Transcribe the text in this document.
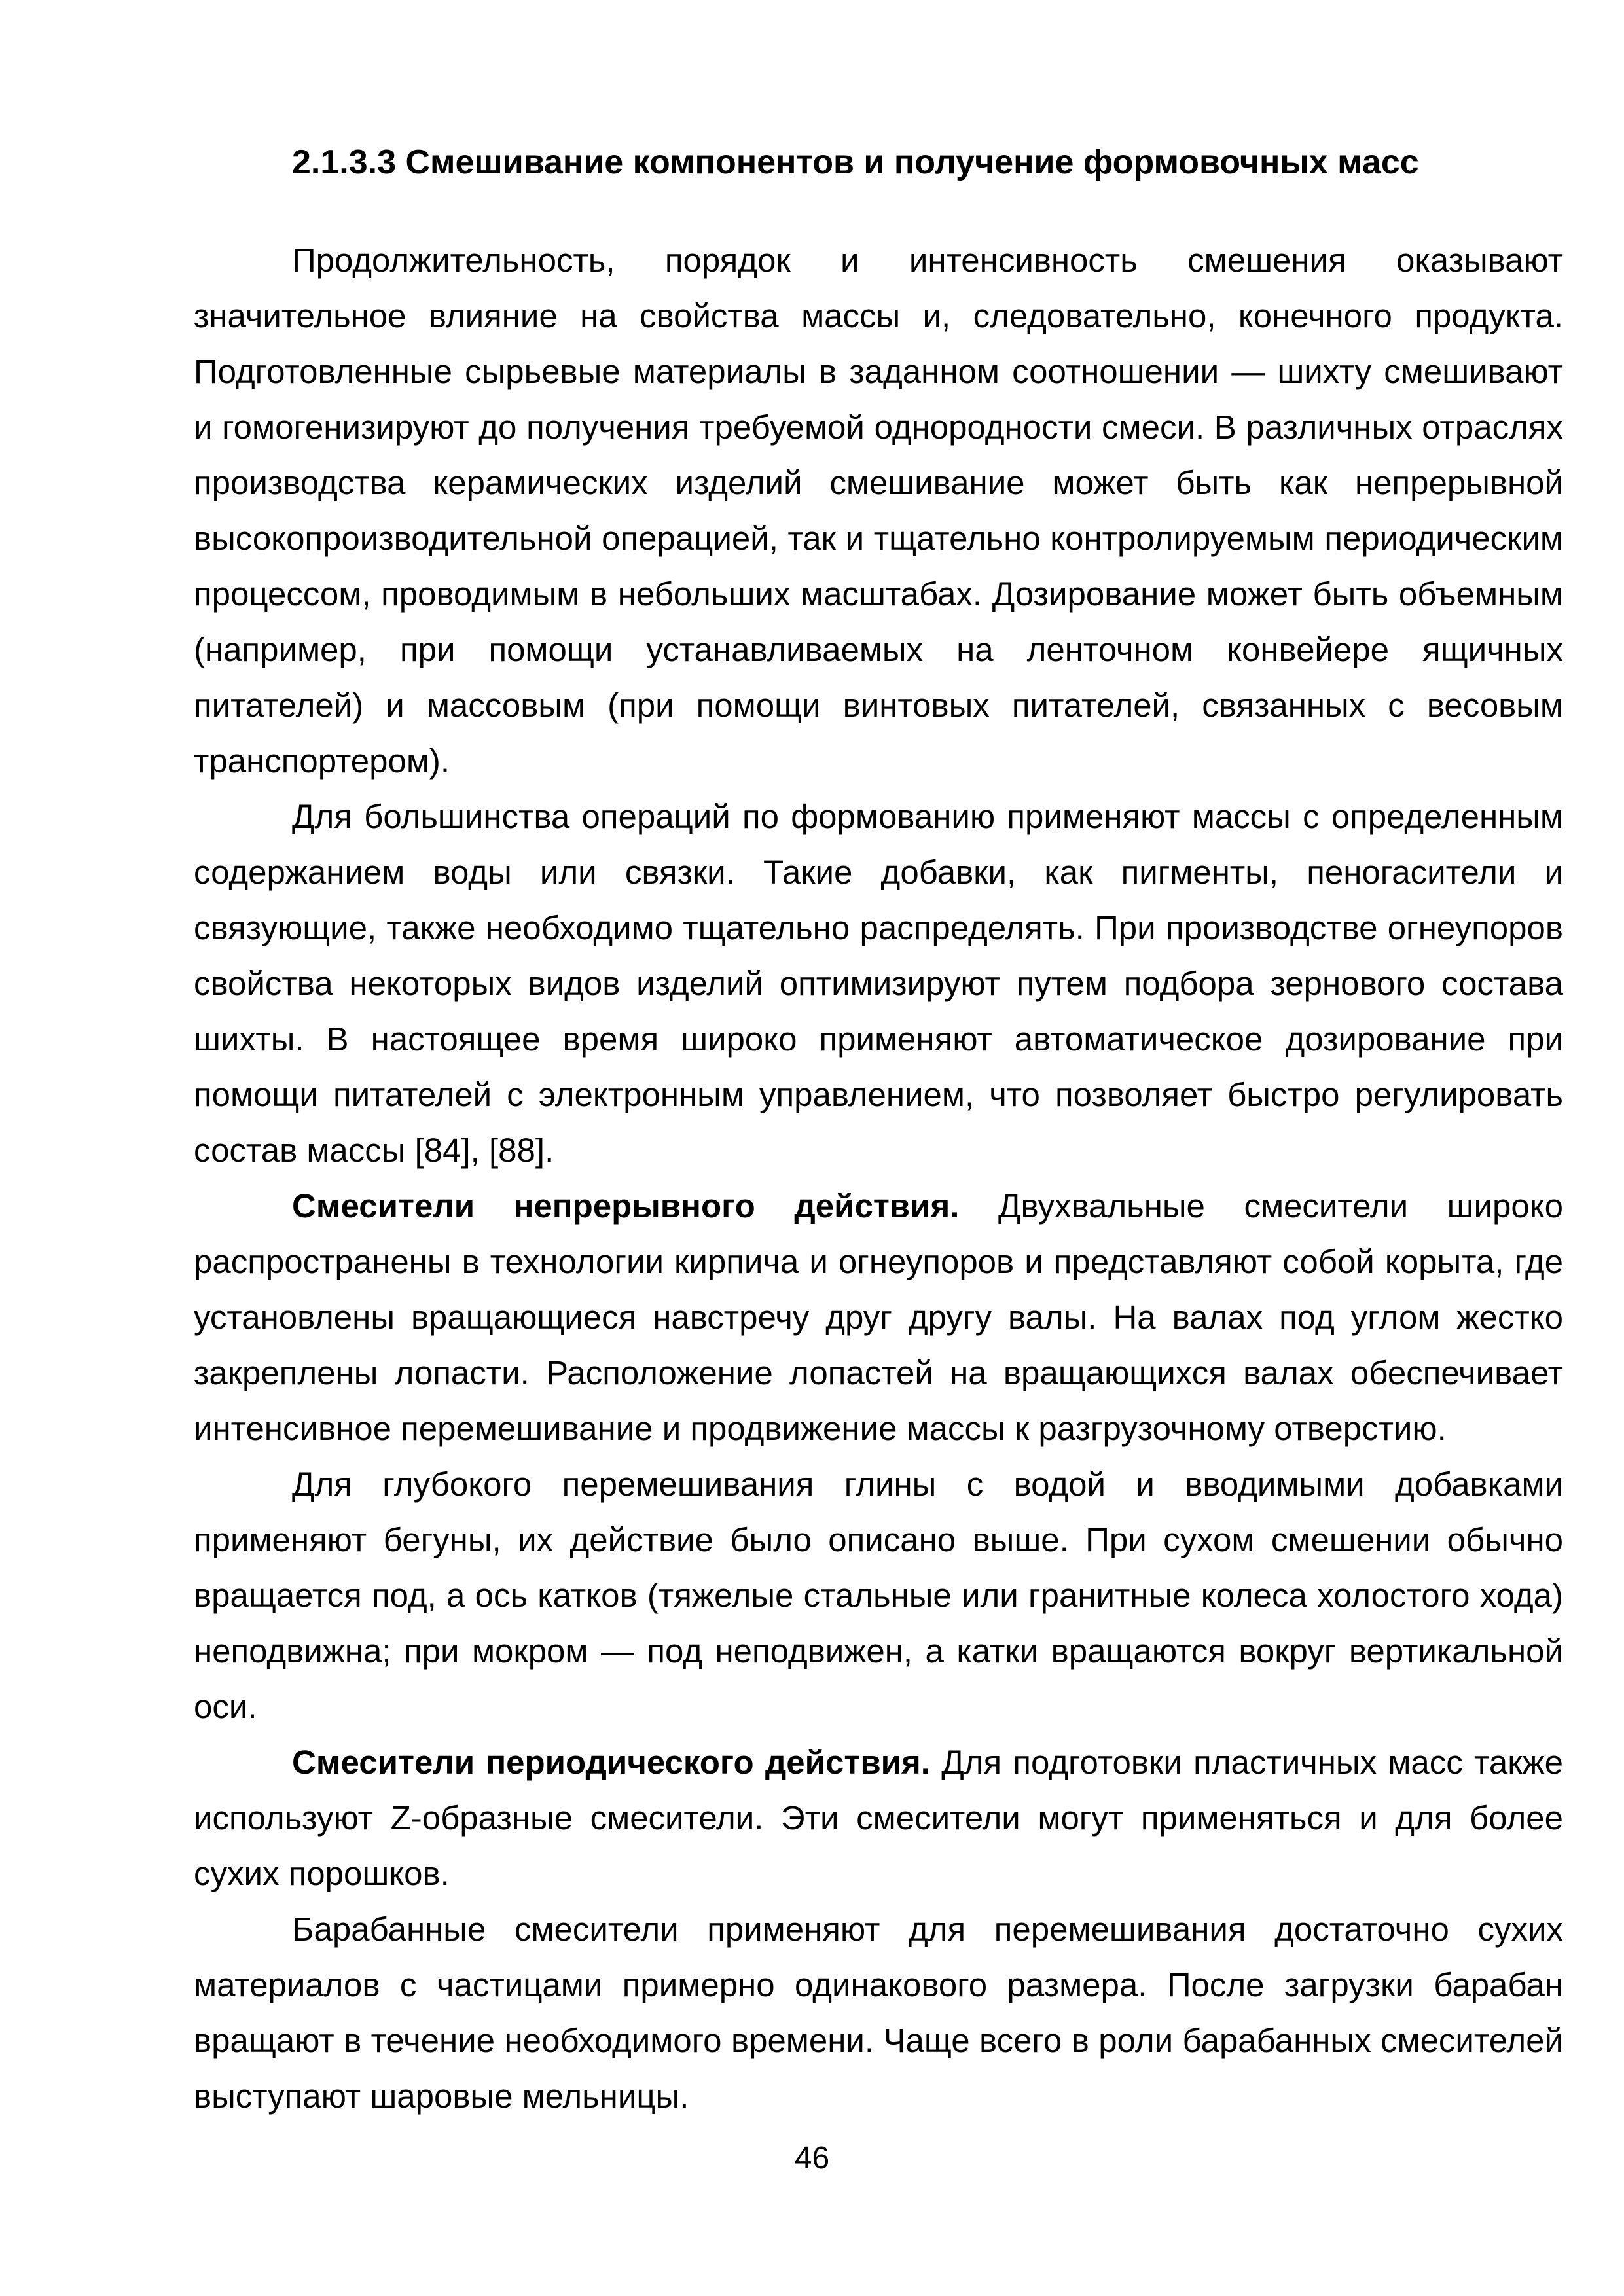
2.1.3.3 Смешивание компонентов и получение формовочных масс

Продолжительность, порядок и интенсивность смешения оказывают значительное влияние на свойства массы и, следовательно, конечного продукта. Подготовленные сырьевые материалы в заданном соотношении — шихту смешивают и гомогенизируют до получения требуемой однородности смеси. В различных отраслях производства керамических изделий смешивание может быть как непрерывной высокопроизводительной операцией, так и тщательно контролируемым периодическим процессом, проводимым в небольших масштабах. Дозирование может быть объемным (например, при помощи устанавливаемых на ленточном конвейере ящичных питателей) и массовым (при помощи винтовых питателей, связанных с весовым транспортером).

Для большинства операций по формованию применяют массы с определенным содержанием воды или связки. Такие добавки, как пигменты, пеногасители и связующие, также необходимо тщательно распределять. При производстве огнеупоров свойства некоторых видов изделий оптимизируют путем подбора зернового состава шихты. В настоящее время широко применяют автоматическое дозирование при помощи питателей с электронным управлением, что позволяет быстро регулировать состав массы [84], [88].

Смесители непрерывного действия. Двухвальные смесители широко распространены в технологии кирпича и огнеупоров и представляют собой корыта, где установлены вращающиеся навстречу друг другу валы. На валах под углом жестко закреплены лопасти. Расположение лопастей на вращающихся валах обеспечивает интенсивное перемешивание и продвижение массы к разгрузочному отверстию.

Для глубокого перемешивания глины с водой и вводимыми добавками применяют бегуны, их действие было описано выше. При сухом смешении обычно вращается под, а ось катков (тяжелые стальные или гранитные колеса холостого хода) неподвижна; при мокром — под неподвижен, а катки вращаются вокруг вертикальной оси.

Смесители периодического действия. Для подготовки пластичных масс также используют Z-образные смесители. Эти смесители могут применяться и для более сухих порошков.

Барабанные смесители применяют для перемешивания достаточно сухих материалов с частицами примерно одинакового размера. После загрузки барабан вращают в течение необходимого времени. Чаще всего в роли барабанных смесителей выступают шаровые мельницы.

46
